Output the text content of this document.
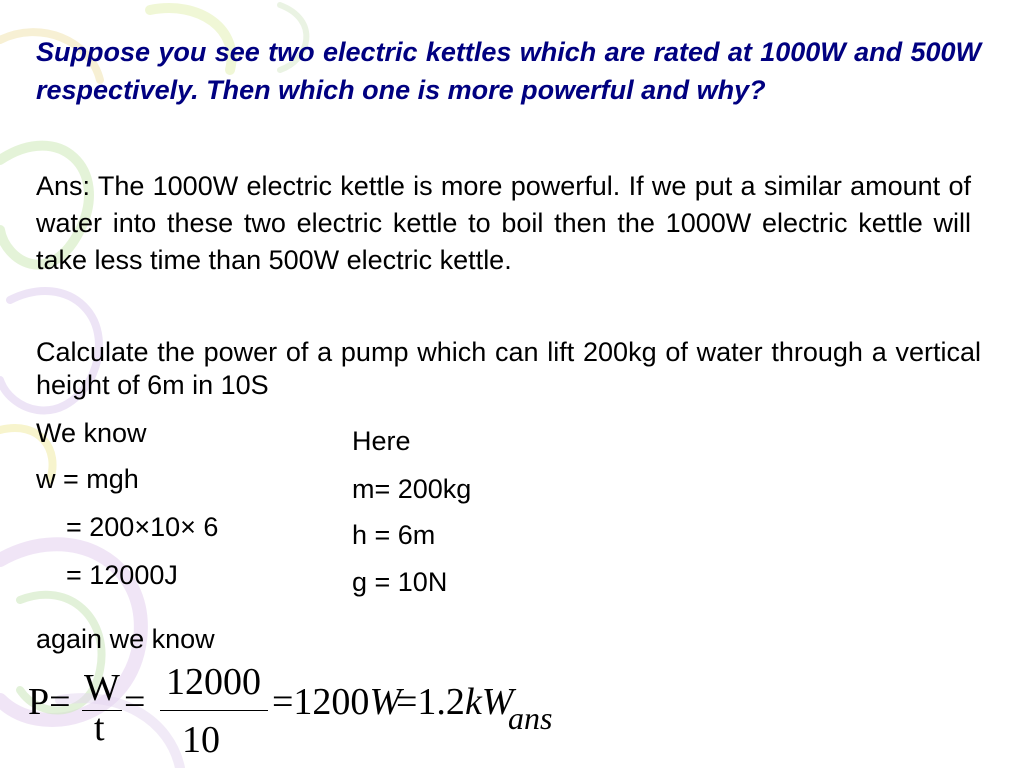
Suppose you see two electric kettles which are rated at 1000W and 500W respectively. Then which one is more powerful and why?
Ans: The 1000W electric kettle is more powerful. If we put a similar amount of water into these two electric kettle to boil then the 1000W electric kettle will take less time than 500W electric kettle.
Calculate the power of a pump which can lift 200kg of water through a vertical height of 6m in 10S
We know
w = mgh
= 200×10× 6
= 12000J
again we know
Here
m= 200kg
h = 6m
g = 10N
P= W
t
= 12000
10
=1200W
=1.2kW
ans
